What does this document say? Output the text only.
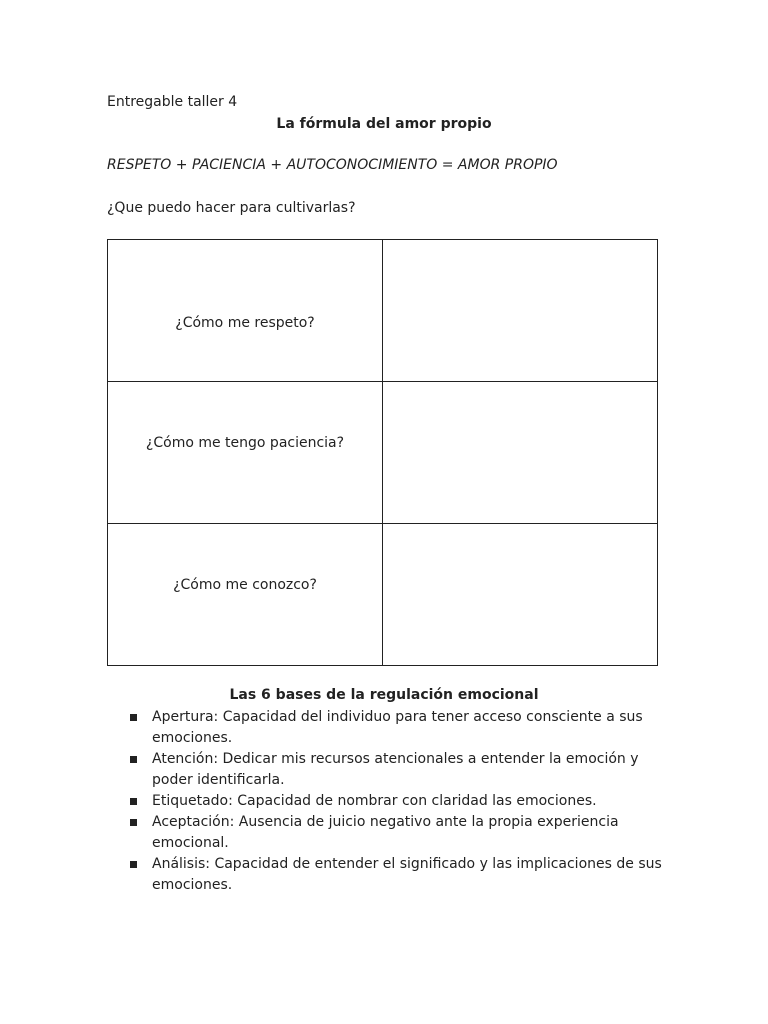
Entregable taller 4
La fórmula del amor propio
RESPETO + PACIENCIA + AUTOCONOCIMIENTO = AMOR PROPIO
¿Que puedo hacer para cultivarlas?
¿Cómo me respeto?	
¿Cómo me tengo paciencia?	
¿Cómo me conozco?	
Las 6 bases de la regulación emocional
Apertura: Capacidad del individuo para tener acceso consciente a sus emociones.
Atención: Dedicar mis recursos atencionales a entender la emoción y poder identificarla.
Etiquetado: Capacidad de nombrar con claridad las emociones.
Aceptación: Ausencia de juicio negativo ante la propia experiencia emocional.
Análisis: Capacidad de entender el significado y las implicaciones de sus emociones.
